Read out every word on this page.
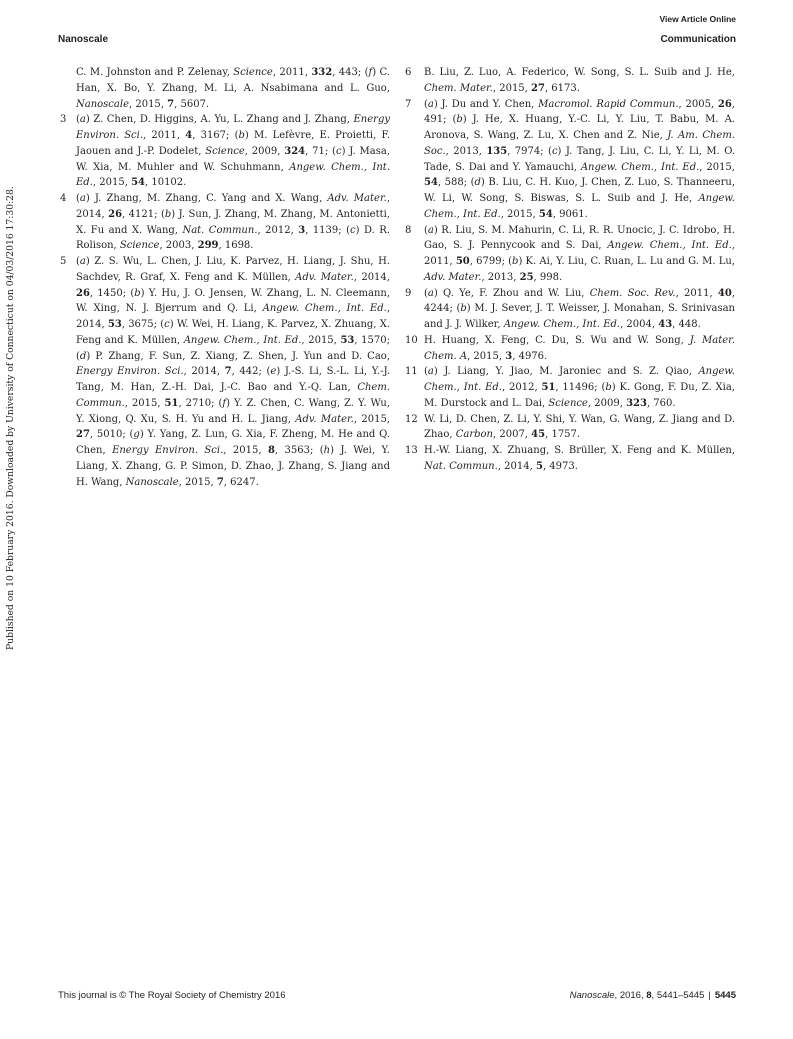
View Article Online
Nanoscale	Communication
Published on 10 February 2016. Downloaded by University of Connecticut on 04/03/2016 17:30:28.
C. M. Johnston and P. Zelenay, Science, 2011, 332, 443; (f) C. Han, X. Bo, Y. Zhang, M. Li, A. Nsabimana and L. Guo, Nanoscale, 2015, 7, 5607.
3 (a) Z. Chen, D. Higgins, A. Yu, L. Zhang and J. Zhang, Energy Environ. Sci., 2011, 4, 3167; (b) M. Lefèvre, E. Proietti, F. Jaouen and J.-P. Dodelet, Science, 2009, 324, 71; (c) J. Masa, W. Xia, M. Muhler and W. Schuhmann, Angew. Chem., Int. Ed., 2015, 54, 10102.
4 (a) J. Zhang, M. Zhang, C. Yang and X. Wang, Adv. Mater., 2014, 26, 4121; (b) J. Sun, J. Zhang, M. Zhang, M. Antonietti, X. Fu and X. Wang, Nat. Commun., 2012, 3, 1139; (c) D. R. Rolison, Science, 2003, 299, 1698.
5 (a) Z. S. Wu, L. Chen, J. Liu, K. Parvez, H. Liang, J. Shu, H. Sachdev, R. Graf, X. Feng and K. Müllen, Adv. Mater., 2014, 26, 1450; (b) Y. Hu, J. O. Jensen, W. Zhang, L. N. Cleemann, W. Xing, N. J. Bjerrum and Q. Li, Angew. Chem., Int. Ed., 2014, 53, 3675; (c) W. Wei, H. Liang, K. Parvez, X. Zhuang, X. Feng and K. Müllen, Angew. Chem., Int. Ed., 2015, 53, 1570; (d) P. Zhang, F. Sun, Z. Xiang, Z. Shen, J. Yun and D. Cao, Energy Environ. Sci., 2014, 7, 442; (e) J.-S. Li, S.-L. Li, Y.-J. Tang, M. Han, Z.-H. Dai, J.-C. Bao and Y.-Q. Lan, Chem. Commun., 2015, 51, 2710; (f) Y. Z. Chen, C. Wang, Z. Y. Wu, Y. Xiong, Q. Xu, S. H. Yu and H. L. Jiang, Adv. Mater., 2015, 27, 5010; (g) Y. Yang, Z. Lun, G. Xia, F. Zheng, M. He and Q. Chen, Energy Environ. Sci., 2015, 8, 3563; (h) J. Wei, Y. Liang, X. Zhang, G. P. Simon, D. Zhao, J. Zhang, S. Jiang and H. Wang, Nanoscale, 2015, 7, 6247.
6	B. Liu, Z. Luo, A. Federico, W. Song, S. L. Suib and J. He, Chem. Mater., 2015, 27, 6173.
7	(a) J. Du and Y. Chen, Macromol. Rapid Commun., 2005, 26, 491; (b) J. He, X. Huang, Y.-C. Li, Y. Liu, T. Babu, M. A. Aronova, S. Wang, Z. Lu, X. Chen and Z. Nie, J. Am. Chem. Soc., 2013, 135, 7974; (c) J. Tang, J. Liu, C. Li, Y. Li, M. O. Tade, S. Dai and Y. Yamauchi, Angew. Chem., Int. Ed., 2015, 54, 588; (d) B. Liu, C. H. Kuo, J. Chen, Z. Luo, S. Thanneeru, W. Li, W. Song, S. Biswas, S. L. Suib and J. He, Angew. Chem., Int. Ed., 2015, 54, 9061.
8	(a) R. Liu, S. M. Mahurin, C. Li, R. R. Unocic, J. C. Idrobo, H. Gao, S. J. Pennycook and S. Dai, Angew. Chem., Int. Ed., 2011, 50, 6799; (b) K. Ai, Y. Liu, C. Ruan, L. Lu and G. M. Lu, Adv. Mater., 2013, 25, 998.
9	(a) Q. Ye, F. Zhou and W. Liu, Chem. Soc. Rev., 2011, 40, 4244; (b) M. J. Sever, J. T. Weisser, J. Monahan, S. Srinivasan and J. J. Wilker, Angew. Chem., Int. Ed., 2004, 43, 448.
10 H. Huang, X. Feng, C. Du, S. Wu and W. Song, J. Mater. Chem. A, 2015, 3, 4976.
11 (a) J. Liang, Y. Jiao, M. Jaroniec and S. Z. Qiao, Angew. Chem., Int. Ed., 2012, 51, 11496; (b) K. Gong, F. Du, Z. Xia, M. Durstock and L. Dai, Science, 2009, 323, 760.
12 W. Li, D. Chen, Z. Li, Y. Shi, Y. Wan, G. Wang, Z. Jiang and D. Zhao, Carbon, 2007, 45, 1757.
13 H.-W. Liang, X. Zhuang, S. Brüller, X. Feng and K. Müllen, Nat. Commun., 2014, 5, 4973.
This journal is © The Royal Society of Chemistry 2016	Nanoscale, 2016, 8, 5441–5445 | 5445
